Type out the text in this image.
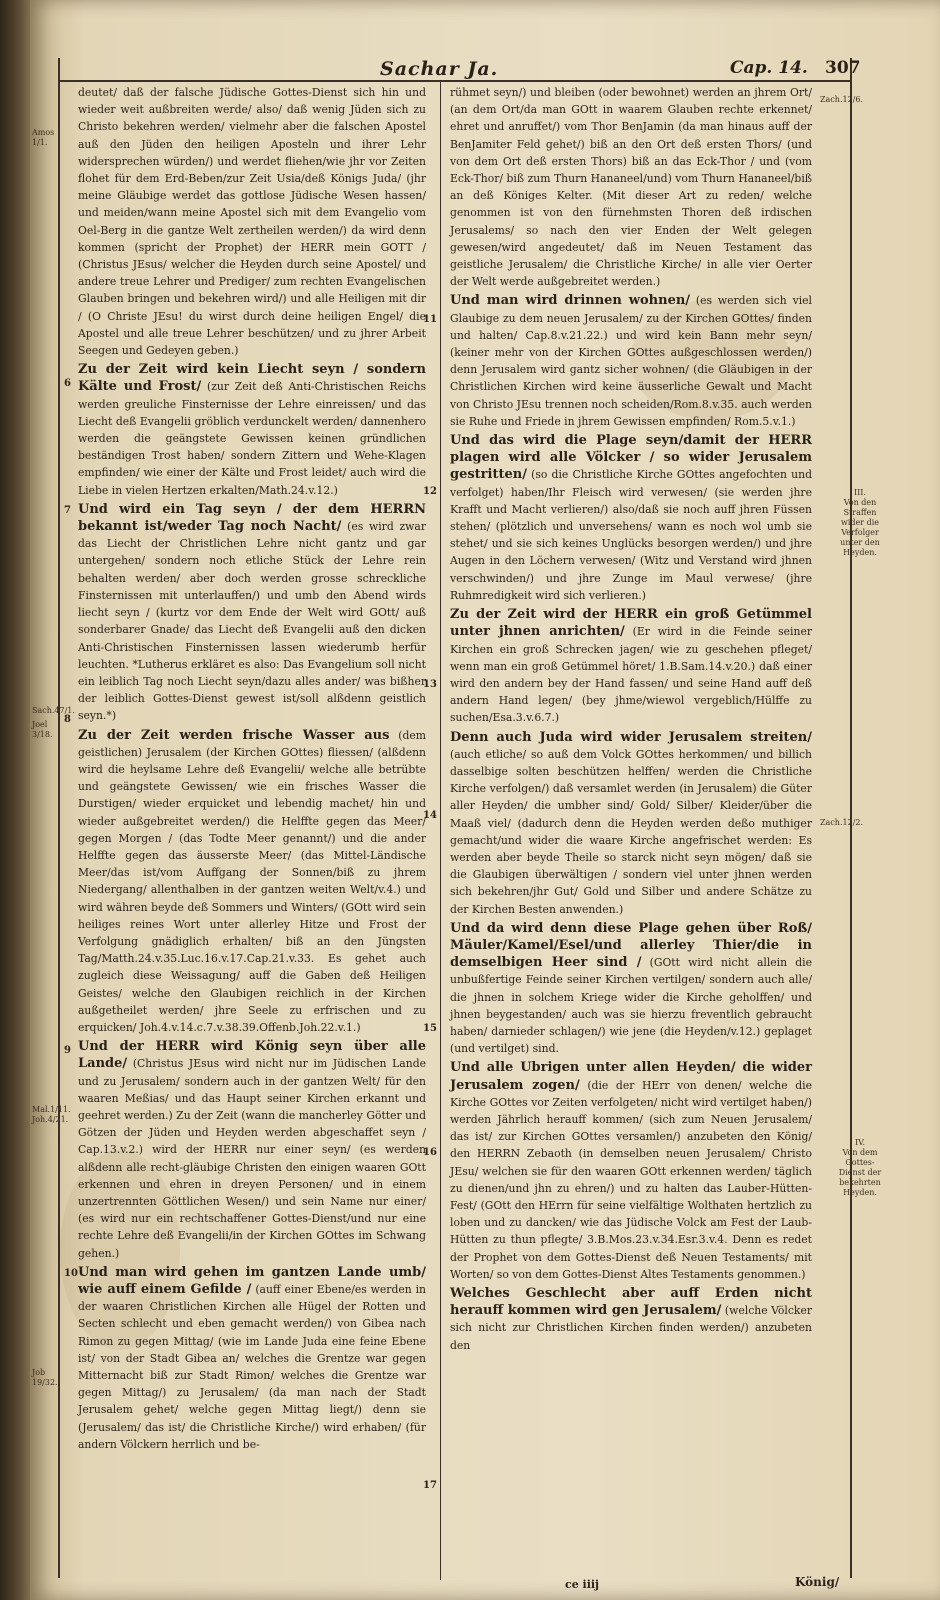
Sachar Ja.	Cap. 14. 307
Amos 1/1.
Sach.47/1.
Joel 3/18.
Mal.1/11.
Joh.4/21.
Job 19/32.
Zach.12/6.
Zach.12/2.
III.
Von den Straffen wider die Verfolger unter den Heyden.
IV.
Von dem Gottes-Dienst der bekehrten Heyden.
6
7
8
9
10
11
12
13
14
15
16
17

deutet/ daß der falsche Jüdische Gottes-Dienst sich hin und wieder weit außbreiten werde/ also/ daß wenig Jüden sich zu Christo bekehren werden/ vielmehr aber die falschen Apostel auß den Jüden den heiligen Aposteln und ihrer Lehr widersprechen würden/) und werdet fliehen/wie jhr vor Zeiten flohet für dem Erd-Beben/zur Zeit Usia/deß Königs Juda/ (jhr meine Gläubige werdet das gottlose Jüdische Wesen hassen/ und meiden/wann meine Apostel sich mit dem Evangelio vom Oel-Berg in die gantze Welt zertheilen werden/) da wird denn kommen (spricht der Prophet) der HERR mein GOTT / (Christus JEsus/ welcher die Heyden durch seine Apostel/ und andere treue Lehrer und Prediger/ zum rechten Evangelischen Glauben bringen und bekehren wird/) und alle Heiligen mit dir / (O Christe JEsu! du wirst durch deine heiligen Engel/ die Apostel und alle treue Lehrer beschützen/ und zu jhrer Arbeit Seegen und Gedeyen geben.)

Zu der Zeit wird kein Liecht seyn / sondern Kälte und Frost/ (zur Zeit deß Anti-Christischen Reichs werden greuliche Finsternisse der Lehre einreissen/ und das Liecht deß Evangelii gröblich verdunckelt werden/ dannenhero werden die geängstete Gewissen keinen gründlichen beständigen Trost haben/ sondern Zittern und Wehe-Klagen empfinden/ wie einer der Kälte und Frost leidet/ auch wird die Liebe in vielen Hertzen erkalten/Math.24.v.12.)

Und wird ein Tag seyn / der dem HERRN bekannt ist/weder Tag noch Nacht/ (es wird zwar das Liecht der Christlichen Lehre nicht gantz und gar untergehen/ sondern noch etliche Stück der Lehre rein behalten werden/ aber doch werden grosse schreckliche Finsternissen mit unterlauffen/) und umb den Abend wirds liecht seyn / (kurtz vor dem Ende der Welt wird GOtt/ auß sonderbarer Gnade/ das Liecht deß Evangelii auß den dicken Anti-Christischen Finsternissen lassen wiederumb herfür leuchten. *Lutherus erkläret es also: Das Evangelium soll nicht ein leiblich Tag noch Liecht seyn/dazu alles ander/ was bißher der leiblich Gottes-Dienst gewest ist/soll alßdenn geistlich seyn.*)

Zu der Zeit werden frische Wasser aus (dem geistlichen) Jerusalem (der Kirchen GOttes) fliessen/ (alßdenn wird die heylsame Lehre deß Evangelii/ welche alle betrübte und geängstete Gewissen/ wie ein frisches Wasser die Durstigen/ wieder erquicket und lebendig machet/ hin und wieder außgebreitet werden/) die Helffte gegen das Meer/ gegen Morgen / (das Todte Meer genannt/) und die ander Helffte gegen das äusserste Meer/ (das Mittel-Ländische Meer/das ist/vom Auffgang der Sonnen/biß zu jhrem Niedergang/ allenthalben in der gantzen weiten Welt/v.4.) und wird währen beyde deß Sommers und Winters/ (GOtt wird sein heiliges reines Wort unter allerley Hitze und Frost der Verfolgung gnädiglich erhalten/ biß an den Jüngsten Tag/Matth.24.v.35.Luc.16.v.17.Cap.21.v.33. Es gehet auch zugleich diese Weissagung/ auff die Gaben deß Heiligen Geistes/ welche den Glaubigen reichlich in der Kirchen außgetheilet werden/ jhre Seele zu erfrischen und zu erquicken/ Joh.4.v.14.c.7.v.38.39.Offenb.Joh.22.v.1.)

Und der HERR wird König seyn über alle Lande/ (Christus JEsus wird nicht nur im Jüdischen Lande und zu Jerusalem/ sondern auch in der gantzen Welt/ für den waaren Meßias/ und das Haupt seiner Kirchen erkannt und geehret werden.) Zu der Zeit (wann die mancherley Götter und Götzen der Jüden und Heyden werden abgeschaffet seyn / Cap.13.v.2.) wird der HERR nur einer seyn/ (es werden alßdenn alle recht-gläubige Christen den einigen waaren GOtt erkennen und ehren in dreyen Personen/ und in einem unzertrennten Göttlichen Wesen/) und sein Name nur einer/ (es wird nur ein rechtschaffener Gottes-Dienst/und nur eine rechte Lehre deß Evangelii/in der Kirchen GOttes im Schwang gehen.)

Und man wird gehen im gantzen Lande umb/ wie auff einem Gefilde / (auff einer Ebene/es werden in der waaren Christlichen Kirchen alle Hügel der Rotten und Secten schlecht und eben gemacht werden/) von Gibea nach Rimon zu gegen Mittag/ (wie im Lande Juda eine feine Ebene ist/ von der Stadt Gibea an/ welches die Grentze war gegen Mitternacht biß zur Stadt Rimon/ welches die Grentze war gegen Mittag/) zu Jerusalem/ (da man nach der Stadt Jerusalem gehet/ welche gegen Mittag liegt/) denn sie (Jerusalem/ das ist/ die Christliche Kirche/) wird erhaben/ (für andern Völckern herrlich und be-

rühmet seyn/) und bleiben (oder bewohnet) werden an jhrem Ort/ (an dem Ort/da man GOtt in waarem Glauben rechte erkennet/ ehret und anruffet/) vom Thor BenJamin (da man hinaus auff der BenJamiter Feld gehet/) biß an den Ort deß ersten Thors/ (und von dem Ort deß ersten Thors) biß an das Eck-Thor / und (vom Eck-Thor/ biß zum Thurn Hananeel/und) vom Thurn Hananeel/biß an deß Königes Kelter. (Mit dieser Art zu reden/ welche genommen ist von den fürnehmsten Thoren deß irdischen Jerusalems/ so nach den vier Enden der Welt gelegen gewesen/wird angedeutet/ daß im Neuen Testament das geistliche Jerusalem/ die Christliche Kirche/ in alle vier Oerter der Welt werde außgebreitet werden.)

Und man wird drinnen wohnen/ (es werden sich viel Glaubige zu dem neuen Jerusalem/ zu der Kirchen GOttes/ finden und halten/ Cap.8.v.21.22.) und wird kein Bann mehr seyn/ (keiner mehr von der Kirchen GOttes außgeschlossen werden/) denn Jerusalem wird gantz sicher wohnen/ (die Gläubigen in der Christlichen Kirchen wird keine äusserliche Gewalt und Macht von Christo JEsu trennen noch scheiden/Rom.8.v.35. auch werden sie Ruhe und Friede in jhrem Gewissen empfinden/ Rom.5.v.1.)

Und das wird die Plage seyn/damit der HERR plagen wird alle Völcker / so wider Jerusalem gestritten/ (so die Christliche Kirche GOttes angefochten und verfolget) haben/Ihr Fleisch wird verwesen/ (sie werden jhre Krafft und Macht verlieren/) also/daß sie noch auff jhren Füssen stehen/ (plötzlich und unversehens/ wann es noch wol umb sie stehet/ und sie sich keines Unglücks besorgen werden/) und jhre Augen in den Löchern verwesen/ (Witz und Verstand wird jhnen verschwinden/) und jhre Zunge im Maul verwese/ (jhre Ruhmredigkeit wird sich verlieren.)

Zu der Zeit wird der HERR ein groß Getümmel unter jhnen anrichten/ (Er wird in die Feinde seiner Kirchen ein groß Schrecken jagen/ wie zu geschehen pfleget/ wenn man ein groß Getümmel höret/ 1.B.Sam.14.v.20.) daß einer wird den andern bey der Hand fassen/ und seine Hand auff deß andern Hand legen/ (bey jhme/wiewol vergeblich/Hülffe zu suchen/Esa.3.v.6.7.)

Denn auch Juda wird wider Jerusalem streiten/ (auch etliche/ so auß dem Volck GOttes herkommen/ und billich dasselbige solten beschützen helffen/ werden die Christliche Kirche verfolgen/) daß versamlet werden (in Jerusalem) die Güter aller Heyden/ die umbher sind/ Gold/ Silber/ Kleider/über die Maaß viel/ (dadurch denn die Heyden werden deßo muthiger gemacht/und wider die waare Kirche angefrischet werden: Es werden aber beyde Theile so starck nicht seyn mögen/ daß sie die Glaubigen überwältigen / sondern viel unter jhnen werden sich bekehren/jhr Gut/ Gold und Silber und andere Schätze zu der Kirchen Besten anwenden.)

Und da wird denn diese Plage gehen über Roß/ Mäuler/Kamel/Esel/und allerley Thier/die in demselbigen Heer sind / (GOtt wird nicht allein die unbußfertige Feinde seiner Kirchen vertilgen/ sondern auch alle/ die jhnen in solchem Kriege wider die Kirche geholffen/ und jhnen beygestanden/ auch was sie hierzu freventlich gebraucht haben/ darnieder schlagen/) wie jene (die Heyden/v.12.) geplaget (und vertilget) sind.

Und alle Ubrigen unter allen Heyden/ die wider Jerusalem zogen/ (die der HErr von denen/ welche die Kirche GOttes vor Zeiten verfolgeten/ nicht wird vertilget haben/) werden Jährlich herauff kommen/ (sich zum Neuen Jerusalem/ das ist/ zur Kirchen GOttes versamlen/) anzubeten den König/ den HERRN Zebaoth (in demselben neuen Jerusalem/ Christo JEsu/ welchen sie für den waaren GOtt erkennen werden/ täglich zu dienen/und jhn zu ehren/) und zu halten das Lauber-Hütten-Fest/ (GOtt den HErrn für seine vielfältige Wolthaten hertzlich zu loben und zu dancken/ wie das Jüdische Volck am Fest der Laub-Hütten zu thun pflegte/ 3.B.Mos.23.v.34.Esr.3.v.4. Denn es redet der Prophet von dem Gottes-Dienst deß Neuen Testaments/ mit Worten/ so von dem Gottes-Dienst Altes Testaments genommen.)

Welches Geschlecht aber auff Erden nicht herauff kommen wird gen Jerusalem/ (welche Völcker sich nicht zur Christlichen Kirchen finden werden/) anzubeten den

ce iiij	König/
